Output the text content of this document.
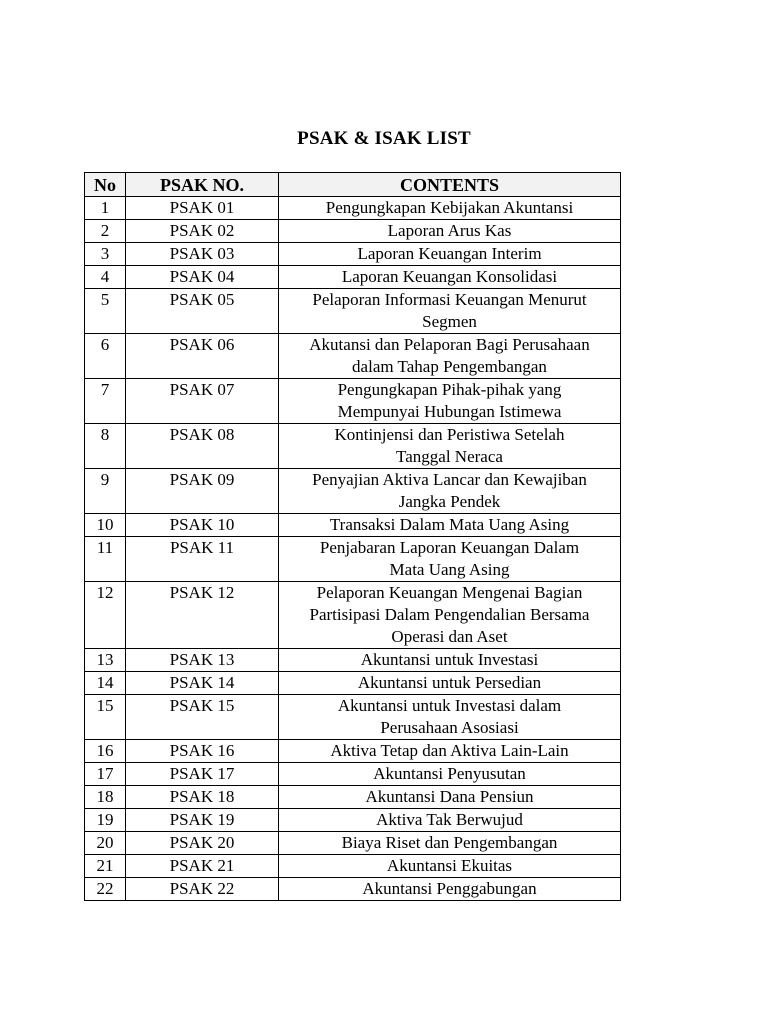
PSAK & ISAK LIST
No	PSAK NO.	CONTENTS
1	PSAK 01	Pengungkapan Kebijakan Akuntansi

2	PSAK 02	Laporan Arus Kas

3	PSAK 03	Laporan Keuangan Interim

4	PSAK 04	Laporan Keuangan Konsolidasi

5	PSAK 05	Pelaporan Informasi Keuangan Menurut
Segmen

6	PSAK 06	Akutansi dan Pelaporan Bagi Perusahaan
dalam Tahap Pengembangan

7	PSAK 07	Pengungkapan Pihak-pihak yang
Mempunyai Hubungan Istimewa

8	PSAK 08	Kontinjensi dan Peristiwa Setelah
Tanggal Neraca

9	PSAK 09	Penyajian Aktiva Lancar dan Kewajiban
Jangka Pendek

10	PSAK 10	Transaksi Dalam Mata Uang Asing

11	PSAK 11	Penjabaran Laporan Keuangan Dalam
Mata Uang Asing

12	PSAK 12	Pelaporan Keuangan Mengenai Bagian
Partisipasi Dalam Pengendalian Bersama
Operasi dan Aset

13	PSAK 13	Akuntansi untuk Investasi

14	PSAK 14	Akuntansi untuk Persedian

15	PSAK 15	Akuntansi untuk Investasi dalam
Perusahaan Asosiasi

16	PSAK 16	Aktiva Tetap dan Aktiva Lain-Lain

17	PSAK 17	Akuntansi Penyusutan

18	PSAK 18	Akuntansi Dana Pensiun

19	PSAK 19	Aktiva Tak Berwujud

20	PSAK 20	Biaya Riset dan Pengembangan

21	PSAK 21	Akuntansi Ekuitas

22	PSAK 22	Akuntansi Penggabungan
